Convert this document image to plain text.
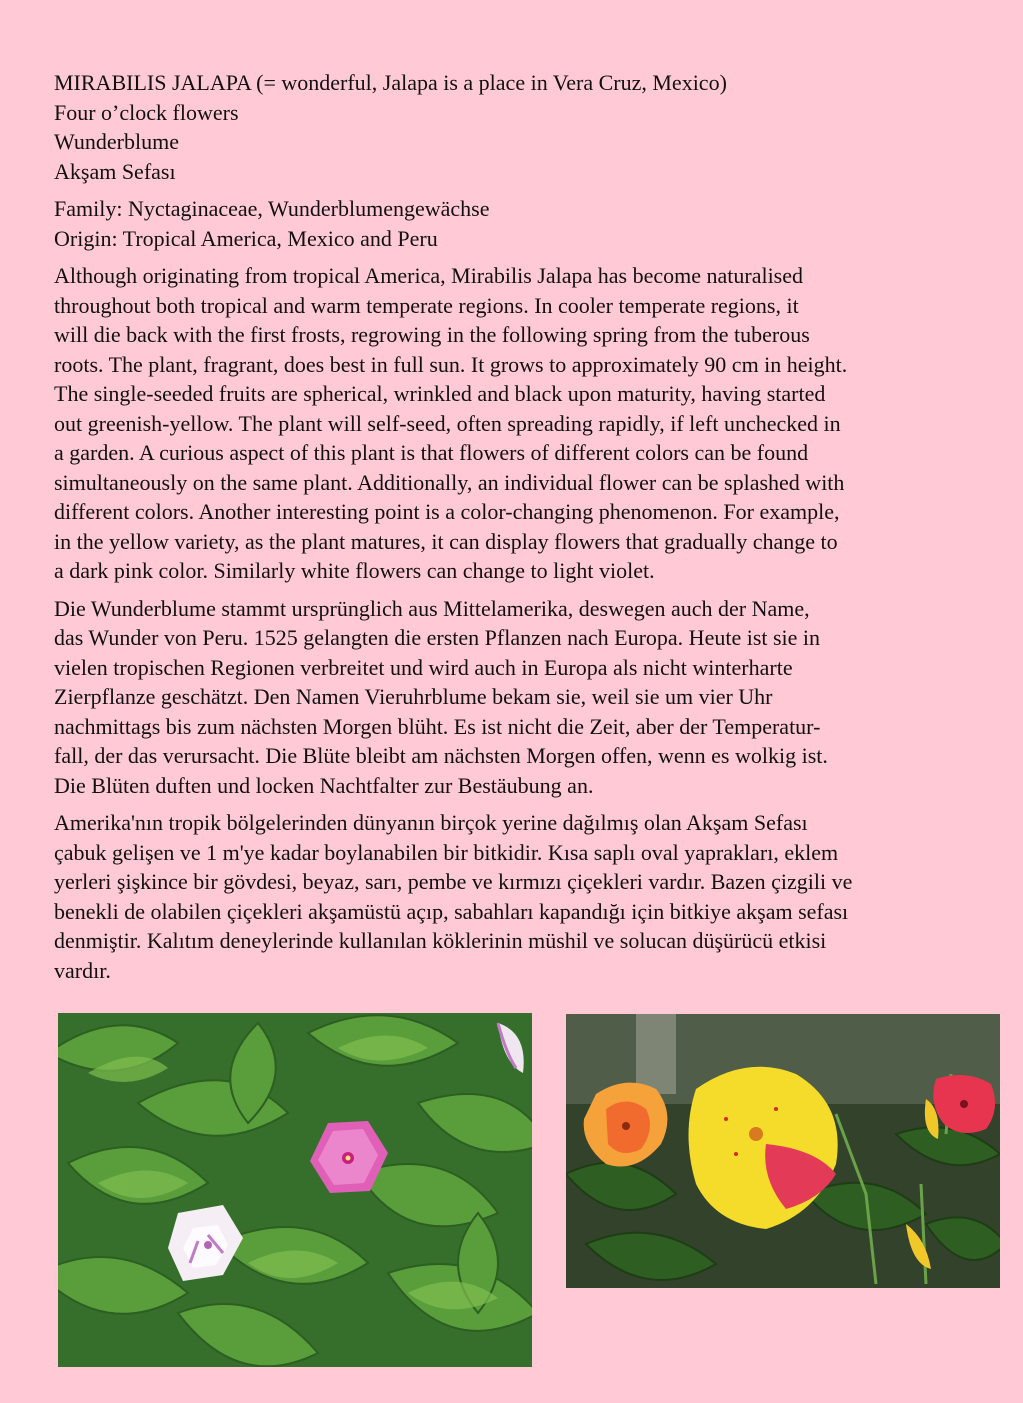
MIRABILIS JALAPA (= wonderful, Jalapa is a place in Vera Cruz, Mexico)
Four o’clock flowers
Wunderblume
Akşam Sefası
Family: Nyctaginaceae, Wunderblumengewächse
Origin: Tropical America, Mexico and Peru
Although originating from tropical America, Mirabilis Jalapa has become naturalised
throughout both tropical and warm temperate regions. In cooler temperate regions, it
will die back with the first frosts, regrowing in the following spring from the tuberous
roots. The plant, fragrant, does best in full sun. It grows to approximately 90 cm in height.
The single-seeded fruits are spherical, wrinkled and black upon maturity, having started
out greenish-yellow. The plant will self-seed, often spreading rapidly, if left unchecked in
a garden. A curious aspect of this plant is that flowers of different colors can be found
simultaneously on the same plant. Additionally, an individual flower can be splashed with
different colors. Another interesting point is a color-changing phenomenon. For example,
in the yellow variety, as the plant matures, it can display flowers that gradually change to
a dark pink color. Similarly white flowers can change to light violet.
Die Wunderblume stammt ursprünglich aus Mittelamerika, deswegen auch der Name,
das Wunder von Peru. 1525 gelangten die ersten Pflanzen nach Europa. Heute ist sie in
vielen tropischen Regionen verbreitet und wird auch in Europa als nicht winterharte
Zierpflanze geschätzt. Den Namen Vieruhrblume bekam sie, weil sie um vier Uhr
nachmittags bis zum nächsten Morgen blüht. Es ist nicht die Zeit, aber der Temperatur-
fall, der das verursacht. Die Blüte bleibt am nächsten Morgen offen, wenn es wolkig ist.
Die Blüten duften und locken Nachtfalter zur Bestäubung an.
Amerika'nın tropik bölgelerinden dünyanın birçok yerine dağılmış olan Akşam Sefası
çabuk gelişen ve 1 m'ye kadar boylanabilen bir bitkidir. Kısa saplı oval yaprakları, eklem
yerleri şişkince bir gövdesi, beyaz, sarı, pembe ve kırmızı çiçekleri vardır. Bazen çizgili ve
benekli de olabilen çiçekleri akşamüstü açıp, sabahları kapandığı için bitkiye akşam sefası
denmiştir. Kalıtım deneylerinde kullanılan köklerinin müshil ve solucan düşürücü etkisi
vardır.
